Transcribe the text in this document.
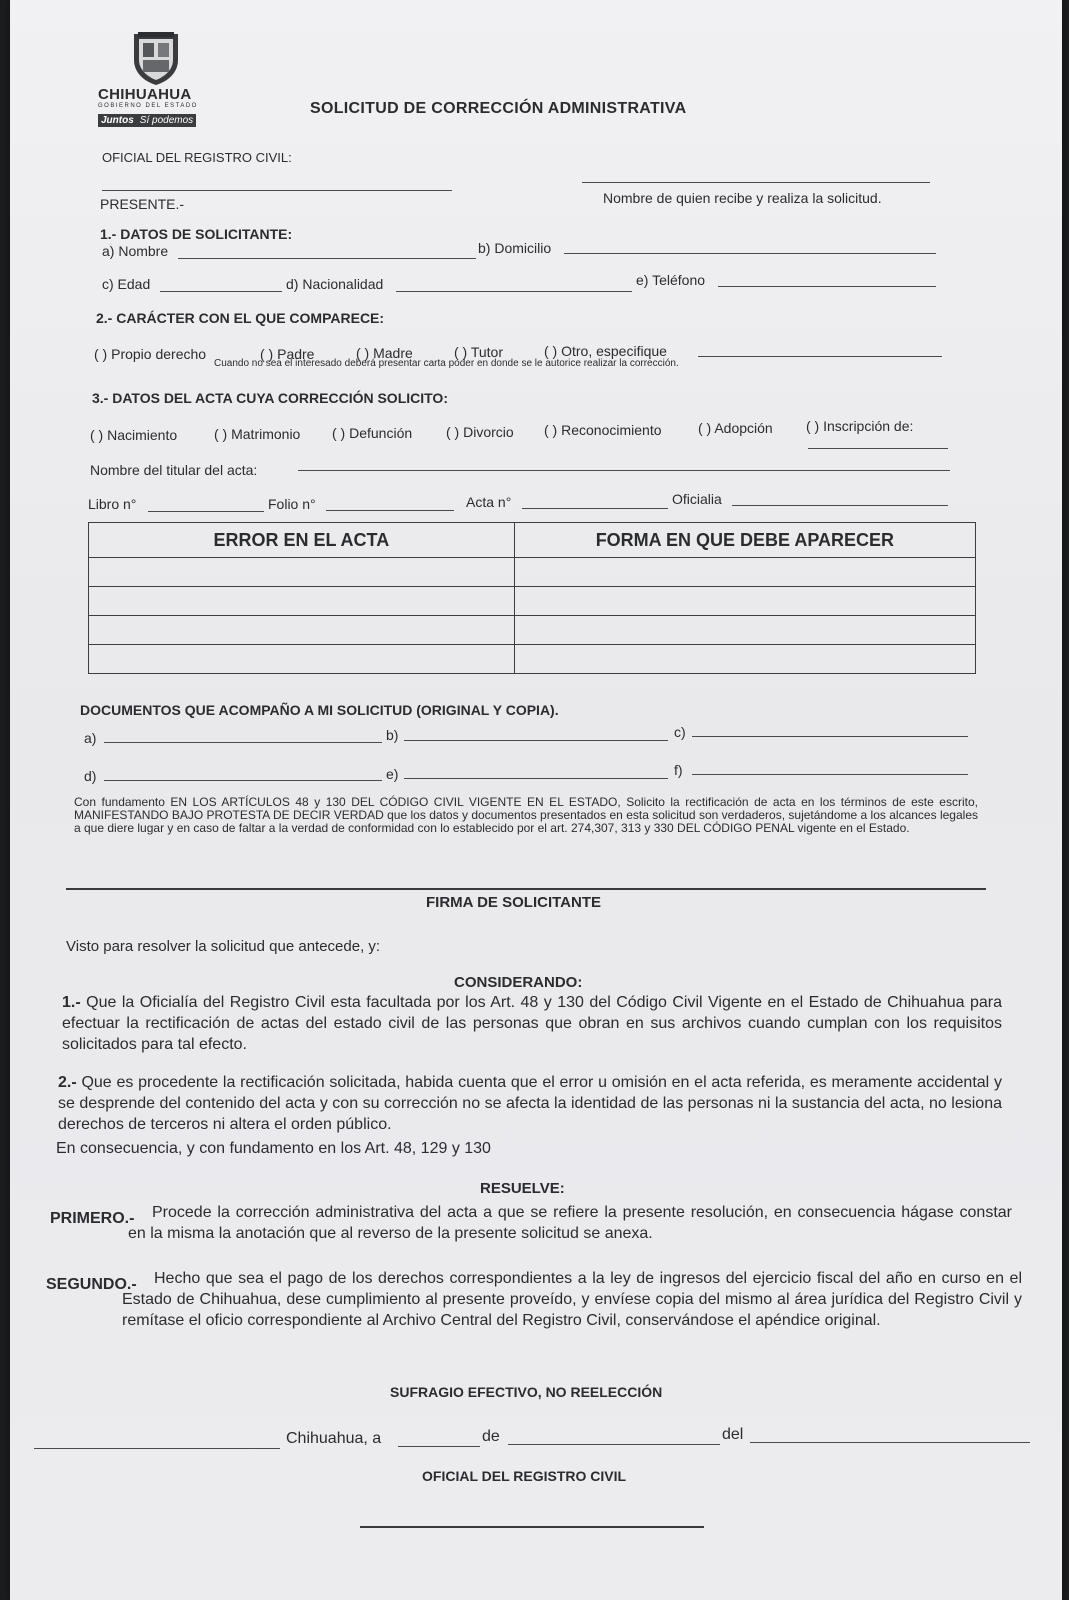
CHIHUAHUA
GOBIERNO DEL ESTADO
Juntos Sí podemos
SOLICITUD DE CORRECCIÓN ADMINISTRATIVA
OFICIAL DEL REGISTRO CIVIL:
PRESENTE.-	Nombre de quien recibe y realiza la solicitud.
1.- DATOS DE SOLICITANTE:
a) Nombre	b) Domicilio
c) Edad	d) Nacionalidad	e) Teléfono
2.- CARÁCTER CON EL QUE COMPARECE:
( ) Propio derecho	( ) Padre	( ) Madre	( ) Tutor	( ) Otro, especifique
Cuando no sea el interesado deberá presentar carta poder en donde se le autorice realizar la corrección.
3.- DATOS DEL ACTA CUYA CORRECCIÓN SOLICITO:
( ) Nacimiento	( ) Matrimonio ( ) Defunción ( ) Divorcio ( ) Reconocimiento	( ) Adopción ( ) Inscripción de:
Nombre del titular del acta:
Libro n°	Folio n°	Acta n°	Oficialia
ERROR EN EL ACTA	FORMA EN QUE DEBE APARECER

DOCUMENTOS QUE ACOMPAÑO A MI SOLICITUD (ORIGINAL Y COPIA).
a)	b)	c)
d)	e)	f)
Con fundamento EN LOS ARTÍCULOS 48 y 130 DEL CÓDIGO CIVIL VIGENTE EN EL ESTADO, Solicito la rectificación de acta en los términos de este escrito, MANIFESTANDO BAJO PROTESTA DE DECIR VERDAD que los datos y documentos presentados en esta solicitud son verdaderos, sujetándome a los alcances legales a que diere lugar y en caso de faltar a la verdad de conformidad con lo establecido por el art. 274,307, 313 y 330 DEL CÓDIGO PENAL vigente en el Estado.
FIRMA DE SOLICITANTE
Visto para resolver la solicitud que antecede, y:
CONSIDERANDO:
1.- Que la Oficialía del Registro Civil esta facultada por los Art. 48 y 130 del Código Civil Vigente en el Estado de Chihuahua para efectuar la rectificación de actas del estado civil de las personas que obran en sus archivos cuando cumplan con los requisitos solicitados para tal efecto.
2.- Que es procedente la rectificación solicitada, habida cuenta que el error u omisión en el acta referida, es meramente accidental y se desprende del contenido del acta y con su corrección no se afecta la identidad de las personas ni la sustancia del acta, no lesiona derechos de terceros ni altera el orden público.
En consecuencia, y con fundamento en los Art. 48, 129 y 130
RESUELVE:
PRIMERO.-	Procede la corrección administrativa del acta a que se refiere la presente resolución, en consecuencia hágase constar en la misma la anotación que al reverso de la presente solicitud se anexa.
SEGUNDO.-	Hecho que sea el pago de los derechos correspondientes a la ley de ingresos del ejercicio fiscal del año en curso en el Estado de Chihuahua, dese cumplimiento al presente proveído, y envíese copia del mismo al área jurídica del Registro Civil y remítase el oficio correspondiente al Archivo Central del Registro Civil, conservándose el apéndice original.
SUFRAGIO EFECTIVO, NO REELECCIÓN
Chihuahua, a	de	del
OFICIAL DEL REGISTRO CIVIL
